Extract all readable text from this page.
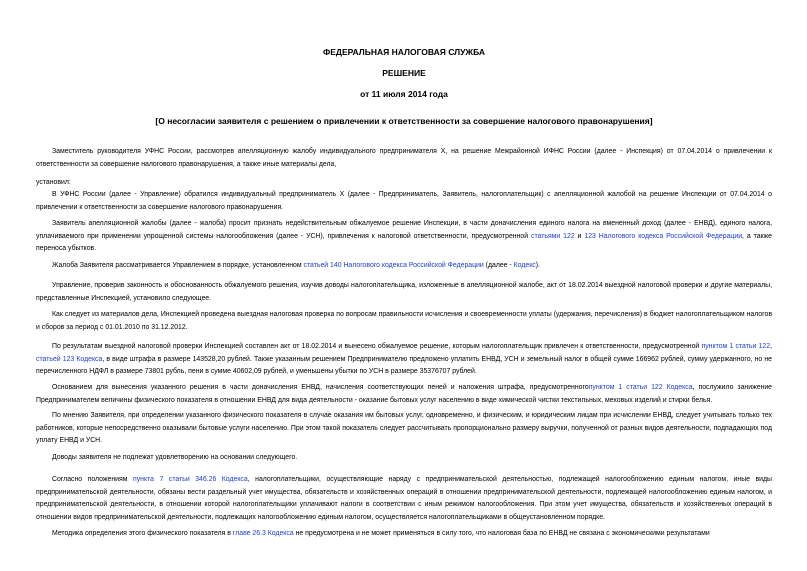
ФЕДЕРАЛЬНАЯ НАЛОГОВАЯ СЛУЖБА
РЕШЕНИЕ
от 11 июля 2014 года
[О несогласии заявителя с решением о привлечении к ответственности за совершение налогового правонарушения]
Заместитель руководителя УФНС России, рассмотрев апелляционную жалобу индивидуального предпринимателя Х, на решение Межрайонной ИФНС России (далее - Инспекция) от 07.04.2014 о привлечении к ответственности за совершение налогового правонарушения, а также иные материалы дела,
установил:
В УФНС России (далее - Управление) обратился индивидуальный предприниматель Х (далее - Предприниматель, Заявитель, налогоплательщик) с апелляционной жалобой на решение Инспекции от 07.04.2014 о привлечении к ответственности за совершение налогового правонарушения.
Заявитель апелляционной жалобы (далее - жалоба) просит признать недействительным обжалуемое решение Инспекции, в части доначисления единого налога на вмененный доход (далее - ЕНВД), единого налога, уплачиваемого при применении упрощенной системы налогообложения (далее - УСН), привлечения к налоговой ответственности, предусмотренной статьями 122 и 123 Налогового кодекса Российской Федерации, а также переноса убытков.
Жалоба Заявителя рассматривается Управлением в порядке, установленном статьей 140 Налогового кодекса Российской Федерации (далее - Кодекс).
Управление, проверив законность и обоснованность обжалуемого решения, изучив доводы налогоплательщика, изложенные в апелляционной жалобе, акт от 18.02.2014 выездной налоговой проверки и другие материалы, представленные Инспекцией, установило следующее.
Как следует из материалов дела, Инспекцией проведена выездная налоговая проверка по вопросам правильности исчисления и своевременности уплаты (удержания, перечисления) в бюджет налогоплательщиком налогов и сборов за период с 01.01.2010 по 31.12.2012.
По результатам выездной налоговой проверки Инспекцией составлен акт от 18.02.2014 и вынесено обжалуемое решение, которым налогоплательщик привлечен к ответственности, предусмотренной пунктом 1 статьи 122, статьей 123 Кодекса, в виде штрафа в размере 143528,20 рублей. Также указанным решением Предпринимателю предложено уплатить ЕНВД, УСН и земельный налог в общей сумме 166962 рублей, сумму удержанного, но не перечисленного НДФЛ в размере 73801 рубль, пени в сумме 40602,09 рублей, и уменьшены убытки по УСН в размере 35376707 рублей.
Основанием для вынесения указанного решения в части доначисления ЕНВД, начисления соответствующих пеней и наложения штрафа, предусмотренногопунктом 1 статьи 122 Кодекса, послужило занижение Предпринимателем величины физического показателя в отношении ЕНВД для вида деятельности - оказание бытовых услуг населению в виде химической чистки текстильных, меховых изделий и стирки белья.
По мнению Заявителя, при определении указанного физического показателя в случае оказания им бытовых услуг, одновременно, и физическим, и юридическим лицам при исчислении ЕНВД, следует учитывать только тех работников, которые непосредственно оказывали бытовые услуги населению. При этом такой показатель следует рассчитывать пропорционально размеру выручки, полученной от разных видов деятельности, подпадающих под уплату ЕНВД и УСН.
Доводы заявителя не подлежат удовлетворению на основании следующего.
Согласно положениям пункта 7 статьи 346.26 Кодекса, налогоплательщики, осуществляющие наряду с предпринимательской деятельностью, подлежащей налогообложению единым налогом, иные виды предпринимательской деятельности, обязаны вести раздельный учет имущества, обязательств и хозяйственных операций в отношении предпринимательской деятельности, подлежащей налогообложению единым налогом, и предпринимательской деятельности, в отношении которой налогоплательщики уплачивают налоги в соответствии с иным режимом налогообложения. При этом учет имущества, обязательств и хозяйственных операций в отношении видов предпринимательской деятельности, подлежащих налогообложению единым налогом, осуществляется налогоплательщиками в общеустановленном порядке.
Методика определения этого физического показателя в главе 26.3 Кодекса не предусмотрена и не может применяться в силу того, что налоговая база по ЕНВД не связана с экономическими результатами
